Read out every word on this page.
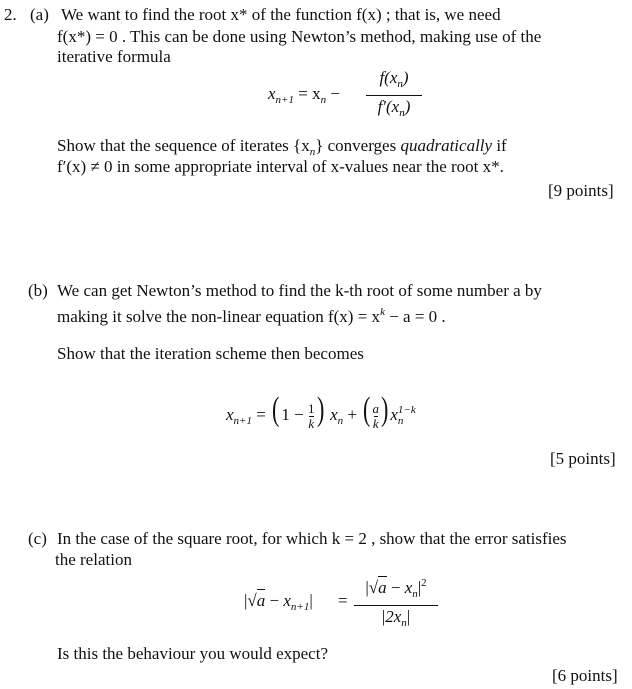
2. (a) We want to find the root x* of the function f(x) ; that is, we need
f(x*) = 0 . This can be done using Newton’s method, making use of the
iterative formula
$x_{n+1} = x_n$ −
$f(x_n)$
$f'(x_n)$
Show that the sequence of iterates $\{x_n\}$ converges quadratically if
f′(x) ≠ 0 in some appropriate interval of x-values near the root x*.
[9 points]
(b) We can get Newton’s method to find the k-th root of some number a by
making it solve the non-linear equation $f(x) = x^k - a = 0$ .
Show that the iteration scheme then becomes
$x_{n+1}$ = ( $1 - \frac{1}{k}$) $x_n$ + ( $\frac{a}{k}$) x 1−k
n
[5 points]
(c) In the case of the square root, for which k = 2 , show that the error satisfies
the relation
$|√a - x_{n+1}|$ =
$|√a - x_n|^2$
$|2x_n|$
Is this the behaviour you would expect?
[6 points]
